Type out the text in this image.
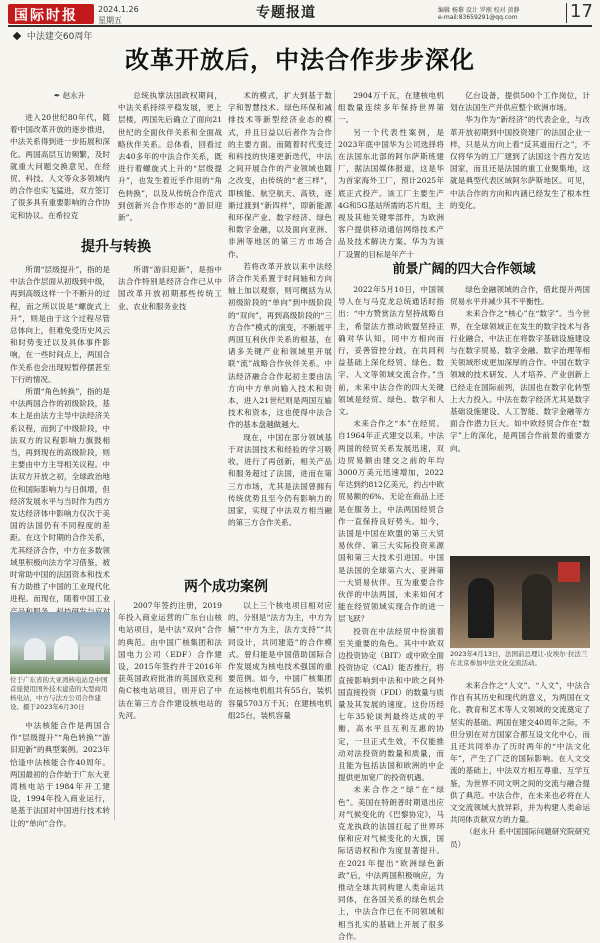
国际时报	2024.1.26
星期五	专题报道	编辑 杨黎 设计 罗刚 校对 黄静
e-mail:83659291@qq.com	17
中法建交60周年
改革开放后，中法合作步步深化
✒ 赵永升

进入20世纪80年代，随着中国改革开放的逐步推进，中法关系得到进一步拓展和深化。两国高层互访频繁，及时就重大问题交换意见，在经贸、科技、人文等众多领域内的合作也实飞猛进，双方签订了很多具有重要影响的合作协定和协议。在希拉克

提升与转换

所谓“层级提升”，指的是中法合作层面从初级到中级，再到高级这样一个不断升的过程，而之所以说是“螺旋式上升”，则是由于这个过程尽管总体向上，但难免受历史风云和时势变迁以及具体事件影响，在一些时间点上，两国合作关系也会出现短暂停摆甚至下行的情况。

所谓“角色转换”，指的是中法两国合作的初级阶段，基本上是由法方主导中法经济关系议程，而到了中级阶段，中法双方的议程影响力旗鼓相当，再到现在的高级阶段，则主要由中方主导相关议程。中法双方开放之初，全球政治地位和国际影响力与日俱增，但经济发展水平与当时作为西方发达经济体中影响力仅次于美国的法国仍有不同程度的差距。在这个时期的合作关系，尤其经济合作，中方在多数领域里积极向法方学习借鉴，被时常助中国的法国资本和技术有力助推了中国的工业现代化进程。而现在，随着中国工业

总统执掌法国政权期间，中法关系持续平稳发展，更上层楼，两国先后确立了面向21世纪的全面伙伴关系和全面战略伙伴关系。总体看，回看过去40多年的中法合作关系，既进行着螺旋式上升的“层级提升”，也发生着近乎作用的“角色转换”，以及从传统合作范式到创新兴合作形态的“游旧迎新”。

所谓“游旧迎新”，是指中法合作特别是经济合作已从中国改革开放初期那些传统工业、农业和服务业技

术的模式，扩大到基于数字和智慧技术、绿色环保和减排技术等新型经济业态的模式，并且日益以后者作为合作的主要方面。而随着时代变迁和科技的快速更新迭代，中法之间开展合作的产业领域也随之改变，由传统的“老三样”，即核能、航空航天、高铁，逐渐过渡到“新四样”，即新能源和环保产业、数字经济、绿色和数字金融，以及面向亚洲、非洲等地区的第三方市场合作。

若将改革开放以来中法经济合作关系置于时间轴和方向轴上加以观察，则可概括为从初级阶段的“单向”到中级阶段的“双向”，再到高级阶段的“三方合作”模式的演变，不断展平两国互利伙伴关系的根基，在诸多关键产业和领域里开展联“流”战略合作伙伴关系。中法经济融合合作起初主要由法方向中方单向输入技术和资本，进入21世纪则是两国互输技术和资本，这也使得中法合作的基本盘越做越大。

现在，中国在部分领域基于对法国技术和经验的学习吸收，进行了再创新，相关产品和服务超过了法国，进而在第三方市场，尤其是法国曾拥有传统优势且至今仍有影响力的国家，实现了中法双方相当融的第三方合作关系。

2904万千瓦，在建核电机组数量连续多年保持世界第一。

另一个代表性案例，是2023年底中国华为公司选择将在法国东北部的阿尔萨斯班建厂，据法国媒体报道，这是华为首家海外工厂，预计2025年底正式投产。该工厂主要生产4G和5G基站所需的芯片组，主视及其他关键零部件，为欧洲客户提供移动通信网络技术产品及技术解决方案。华为为该厂设置的目标是年产十

亿台设备，提供500个工作岗位，计划在法国生产并供应整个欧洲市场。

华为作为“新经济”的代表企业，与改革开放初期到中国投资建厂的法国企业一样，只是从方向上看“反其道而行之”，不仅将华为的工厂建到了法国这个西方发达国家，而且还是法国的重工业聚集地，这就是典型代表区域阿尔萨斯地区。可见，中法合作的方向和内涵已经发生了根本性的变化。

前景广阔的四大合作领域

2022年5月10日，中国领导人在与马克龙总统通话时指出：“中方赞赏法方坚持战略自主，希望法方推动欧盟坚持正确对华认知，同中方相向而行，妥善管控分歧，在共同利益基础上深化经贸、绿色、数字、人文等领域交流合作。”当前，未来中法合作的四大关键领域是经贸、绿色、数字和人文。

未来合作之“本”在经贸。自1964年正式建交以来，中法两国的经贸关系发展迅速，双边贸易额由建交之前的年均3000万美元迅速增加，2022年达到约812亿美元，约占中欧贸易额的6%。无论在商品上还是在服务上，中法两国经贸合作一直保持良好势头。如今，法国是中国在欧盟的第三大贸易伙伴、第三大实际投资来源国和第三大技术引进国。中国是法国的全球第六大、亚洲第一大贸易伙伴。互为重要合作伙伴的中法两国，未来如何才能在经贸领域实现合作的进一层飞跃？

投资在中法经贸中扮演着至关重要的角色。其中中欧双边投资协定（BIT）或中欧全面投资协定（CAI）能否推行，将直接影响到中法和中欧之间外国直接投资（FDI）的数量与质量及其发展的速度。这份历经七年35轮谈判最终达成的平衡、高水平且互利互惠的协定，一旦正式生效，不仅能推动对法投资的数量和质量，而且能为包括法国和欧洲的中企提供更加宽广的投资机遇。

未来合作之“绿”在“绿色”。美国在特朗普时期退出应对气候变化的《巴黎协定》，马克龙执政的法国扛起了世界环保和应对气候变化的大旗，国际话语权和作为度显著提升。在2021年提出“欧洲绿色新政”后，中法两国积极响应，为推动全球共同构建人类命运共同体，在各国关系的绿色机会上，中法合作已在不同领域和相当扎实的基础上开展了很多合作。

绿色金融领域的合作，借此提升两国贸易水平并减少其不平衡性。

未来合作之“核心”在“数字”。当今世界，在全球领域正在发生的数字技术与各行业融合，中法正在将数字基础设施建设与在数字贸易、数字金融、数字治理等相关领域形成更加深厚的合作。中国在数字领域的技术研发、人才培养、产业创新上已经走在国际前列，法国也在数字化转型上大力投入。中法在数字经济尤其是数字基础设施建设、人工智能、数字金融等方面合作潜力巨大。如中欧经贸合作在“数字”上的深化，是两国合作前景的重要方向。

2023年4月13日，法国前总理让-皮埃尔·拉法兰在北京参加中法文化交流活动。

未来合作之“人文”。“人文”，中法合作自有其历史和现代的意义，为两国在文化、教育和艺术等人文领域的交流奠定了坚实的基础。两国在建交40周年之际，不但分别在对方国家合都互设文化中心，而且还共同举办了历时两年的“中法文化年”，产生了广泛的国际影响。在人文交流的基础上，中法双方相互尊重、互学互鉴，为世界不同文明之间的交流与融合提供了典范。中法合作，在未来也必将在人文交流领域大放异彩，并为构建人类命运共同体贡献双方的力量。

（赵永升 系中国国际问题研究院研究员）

两个成功案例
位于广东省的大亚湾核电站是中国首座使用国外技术建造的大型商用核电站，中方与法方公司合作建设。摄于2023年6月30日

中法核能合作是两国合作“层级提升”“角色转换”“游旧迎新”的典型案例。2023年恰逢中法核能合作40周年。两国最初的合作始于广东大亚湾核电站于1984年开工建设，1994年投入商业运行，是基于法国对中国进行技术转让的“单向”合作。

2007年签约注册，2019年投入商业运营的广东台山核电站项目，是中法“双向”合作的典范。由中国广核集团和法国电力公司（EDF）合作建设，2015年签约并于2016年获英国政府批准的英国欣克利角C核电站项目，则开启了中法在第三方合作建设核电站的先河。

以上三个核电项目相对应的，分别是“法方为主，中方为辅”“中方为主，法方支持”“共同设计，共同建造”的合作模式。曾归能是中国借助国际合作发展成为核电技术强国的重要范例。如今，中国广核集团在运核电机组共有55台，装机容量5703万千瓦；在建核电机组25台，装机容量
